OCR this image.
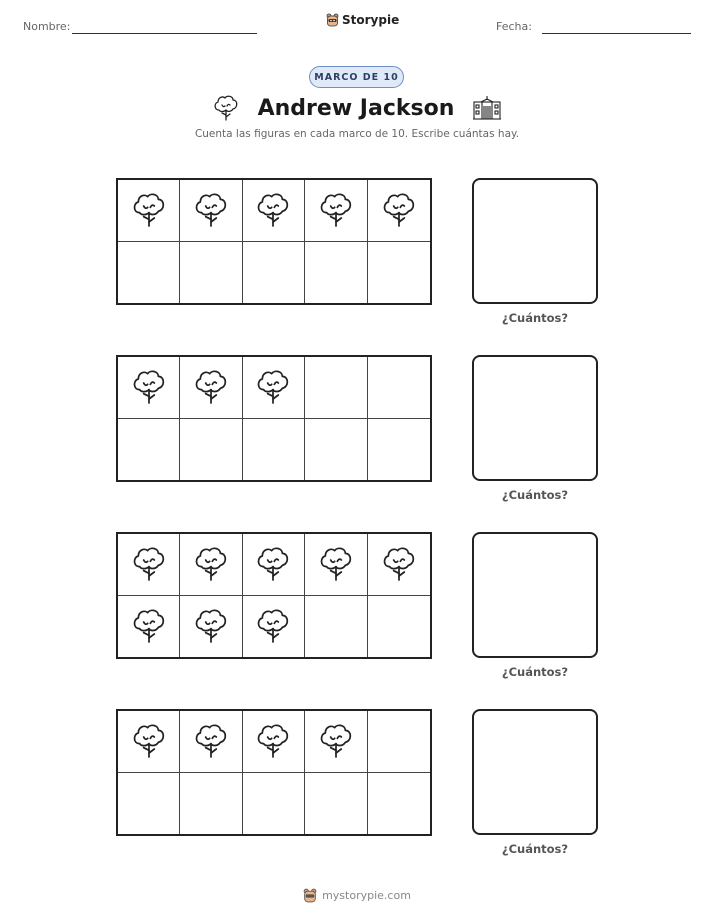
Nombre:	Storypie	Fecha:
MARCO DE 10
Andrew Jackson
Cuenta las figuras en cada marco de 10. Escribe cuántas hay.
¿Cuántos?
¿Cuántos?
¿Cuántos?
¿Cuántos?
mystorypie.com
